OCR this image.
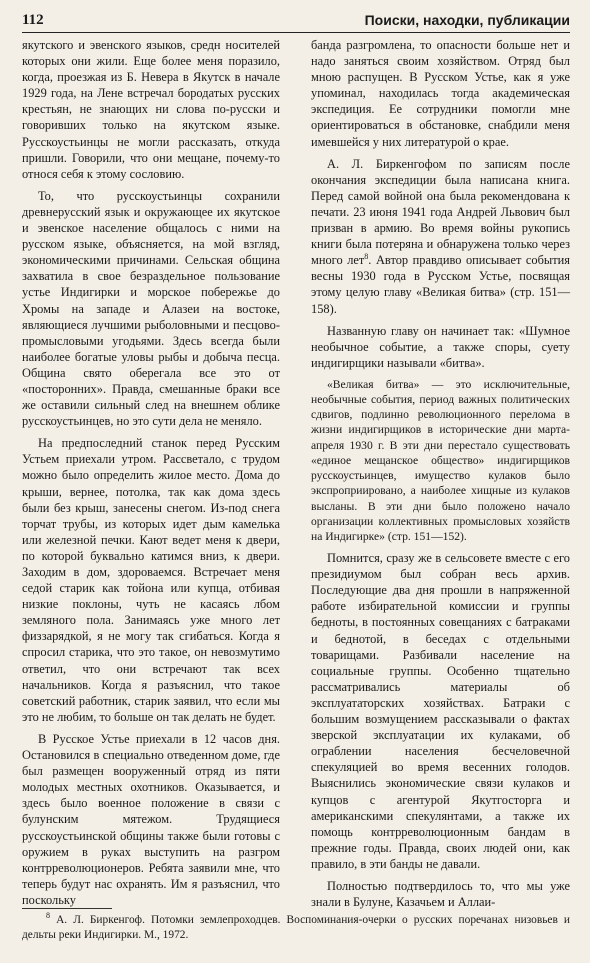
112	Поиски, находки, публикации

якутского и эвенского языков, средн носителей которых они жили. Еще более меня поразило, когда, проезжая из Б. Невера в Якутск в начале 1929 года, на Лене встречал бородатых русских крестьян, не знающих ни слова по-русски и говоривших только на якутском языке. Русскоустьинцы не могли рассказать, откуда пришли. Говорили, что они мещане, почему-то относя себя к этому сословию.

То, что русскоустьинцы сохранили древнерусский язык и окружающее их якутское и эвенское население общалось с ними на русском языке, объясняется, на мой взгляд, экономическими причинами. Сельская община захватила в свое безраздельное пользование устье Индигирки и морское побережье до Хромы на западе и Алазеи на востоке, являющиеся лучшими рыболовными и песцово-промысловыми угодьями. Здесь всегда были наиболее богатые уловы рыбы и добыча песца. Община свято оберегала все это от «посторонних». Правда, смешанные браки все же оставили сильный след на внешнем облике русскоустьинцев, но это сути дела не меняло.

На предпоследний станок перед Русским Устьем приехали утром. Рассветало, с трудом можно было определить жилое место. Дома до крыши, вернее, потолка, так как дома здесь были без крыш, занесены снегом. Из-под снега торчат трубы, из которых идет дым камелька или железной печки. Кают ведет меня к двери, по которой буквально катимся вниз, к двери. Заходим в дом, здороваемся. Встречает меня седой старик как тойона или купца, отбивая низкие поклоны, чуть не касаясь лбом земляного пола. Занимаясь уже много лет физзарядкой, я не могу так сгибаться. Когда я спросил старика, что это такое, он невозмутимо ответил, что они встречают так всех начальников. Когда я разъяснил, что такое советский работник, старик заявил, что если мы это не любим, то больше он так делать не будет.

В Русское Устье приехали в 12 часов дня. Остановился в специально отведенном доме, где был размещен вооруженный отряд из пяти молодых местных охотников. Оказывается, и здесь было военное положение в связи с булунским мятежом. Трудящиеся русскоустьинской общины также были готовы с оружием в руках выступить на разгром контрреволюционеров. Ребята заявили мне, что теперь будут нас охранять. Им я разъяснил, что поскольку

банда разгромлена, то опасности больше нет и надо заняться своим хозяйством. Отряд был мною распущен. В Русском Устье, как я уже упоминал, находилась тогда академическая экспедиция. Ее сотрудники помогли мне ориентироваться в обстановке, снабдили меня имевшейся у них литературой о крае.

А. Л. Биркенгофом по записям после окончания экспедиции была написана книга. Перед самой войной она была рекомендована к печати. 23 июня 1941 года Андрей Львович был призван в армию. Во время войны рукопись книги была потеряна и обнаружена только через много лет$^8$. Автор правдиво описывает события весны 1930 года в Русском Устье, посвящая этому целую главу «Великая битва» (стр. 151—158).

Названную главу он начинает так: «Шумное необычное событие, а также споры, суету индигирщики называли «битва».

«Великая битва» — это исключительные, необычные события, период важных политических сдвигов, подлинно революционного перелома в жизни индигирщиков в исторические дни марта-апреля 1930 г. В эти дни перестало существовать «единое мещанское общество» индигирщиков русскоустьинцев, имущество кулаков было экспроприировано, а наиболее хищные из кулаков высланы. В эти дни было положено начало организации коллективных промысловых хозяйств на Индигирке» (стр. 151—152).

Помнится, сразу же в сельсовете вместе с его президиумом был собран весь архив. Последующие два дня прошли в напряженной работе избирательной комиссии и группы бедноты, в постоянных совещаниях с батраками и беднотой, в беседах с отдельными товарищами. Разбивали население на социальные группы. Особенно тщательно рассматривались материалы об эксплуататорских хозяйствах. Батраки с большим возмущением рассказывали о фактах зверской эксплуатации их кулаками, об ограблении населения бесчеловечной спекуляцией во время весенних голодов. Выяснились экономические связи кулаков и купцов с агентурой Якутгосторга и американскими спекулянтами, а также их помощь контрреволюционным бандам в прежние годы. Правда, своих людей они, как правило, в эти банды не давали.

Полностью подтвердилось то, что мы уже знали в Булуне, Казачьем и Аллаи-

$^8$ А. Л. Биркенгоф. Потомки землепроходцев. Воспоминания-очерки о русских поречанах низовьев и дельты реки Индигирки. М., 1972.
